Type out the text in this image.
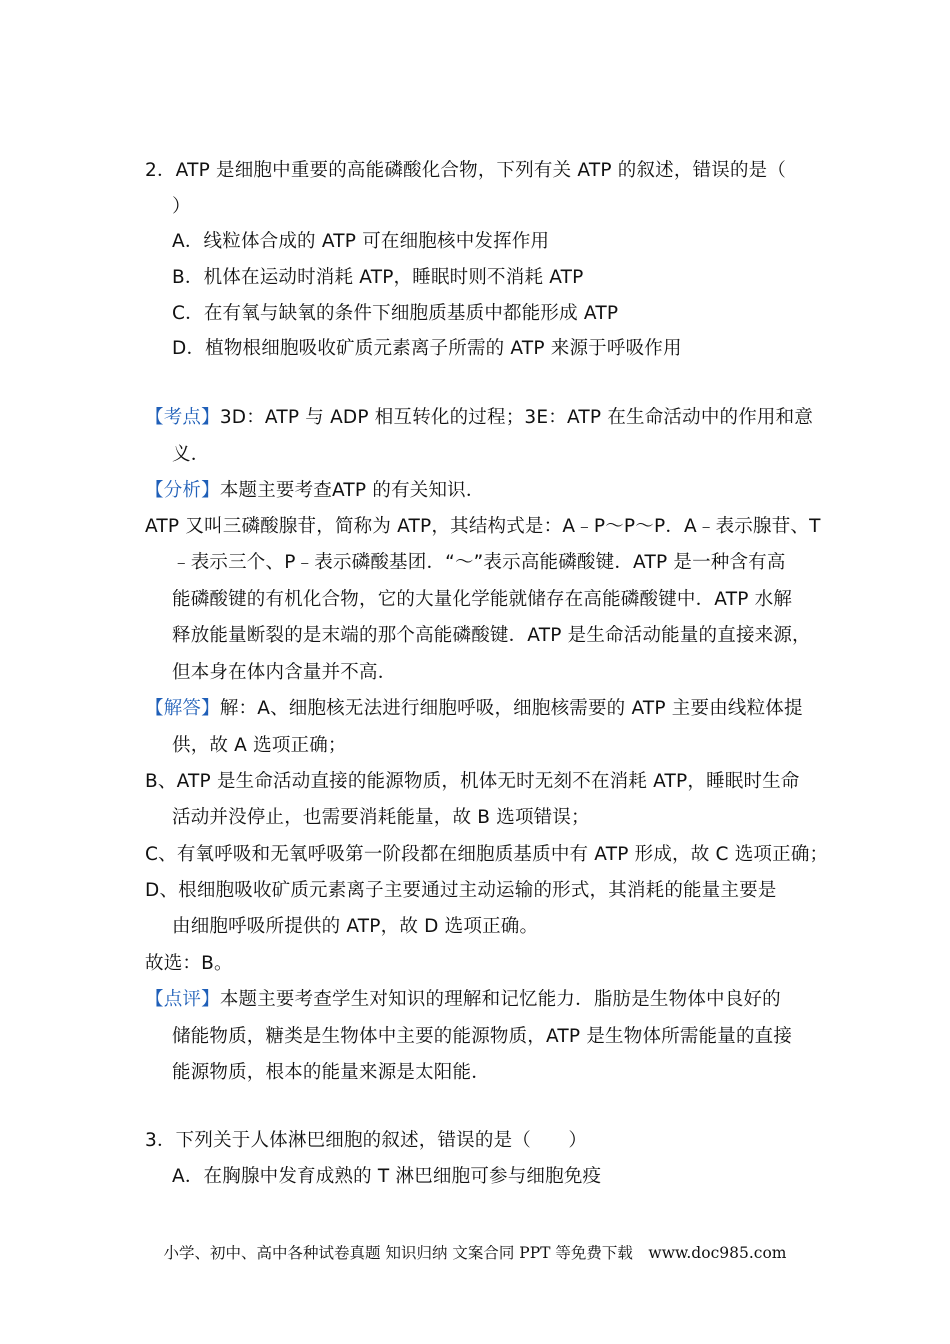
2．ATP 是细胞中重要的高能磷酸化合物，下列有关 ATP 的叙述，错误的是（
）
A．线粒体合成的 ATP 可在细胞核中发挥作用
B．机体在运动时消耗 ATP，睡眠时则不消耗 ATP
C．在有氧与缺氧的条件下细胞质基质中都能形成 ATP
D．植物根细胞吸收矿质元素离子所需的 ATP 来源于呼吸作用
【考点】3D：ATP 与 ADP 相互转化的过程；3E：ATP 在生命活动中的作用和意
义．
【分析】本题主要考查ATP 的有关知识．
ATP 又叫三磷酸腺苷，简称为 ATP，其结构式是：A﹣P～P～P．A﹣表示腺苷、T
﹣表示三个、P﹣表示磷酸基团．“～”表示高能磷酸键．ATP 是一种含有高
能磷酸键的有机化合物，它的大量化学能就储存在高能磷酸键中．ATP 水解
释放能量断裂的是末端的那个高能磷酸键．ATP 是生命活动能量的直接来源，
但本身在体内含量并不高．
【解答】解：A、细胞核无法进行细胞呼吸，细胞核需要的 ATP 主要由线粒体提
供，故 A 选项正确；
B、ATP 是生命活动直接的能源物质，机体无时无刻不在消耗 ATP，睡眠时生命
活动并没停止，也需要消耗能量，故 B 选项错误；
C、有氧呼吸和无氧呼吸第一阶段都在细胞质基质中有 ATP 形成，故 C 选项正确；
D、根细胞吸收矿质元素离子主要通过主动运输的形式，其消耗的能量主要是
由细胞呼吸所提供的 ATP，故 D 选项正确。
故选：B。
【点评】本题主要考查学生对知识的理解和记忆能力．脂肪是生物体中良好的
储能物质，糖类是生物体中主要的能源物质，ATP 是生物体所需能量的直接
能源物质，根本的能量来源是太阳能．
3．下列关于人体淋巴细胞的叙述，错误的是（　　）
A．在胸腺中发育成熟的 T 淋巴细胞可参与细胞免疫
小学、初中、高中各种试卷真题 知识归纳 文案合同 PPT 等免费下载　www.doc985.com
